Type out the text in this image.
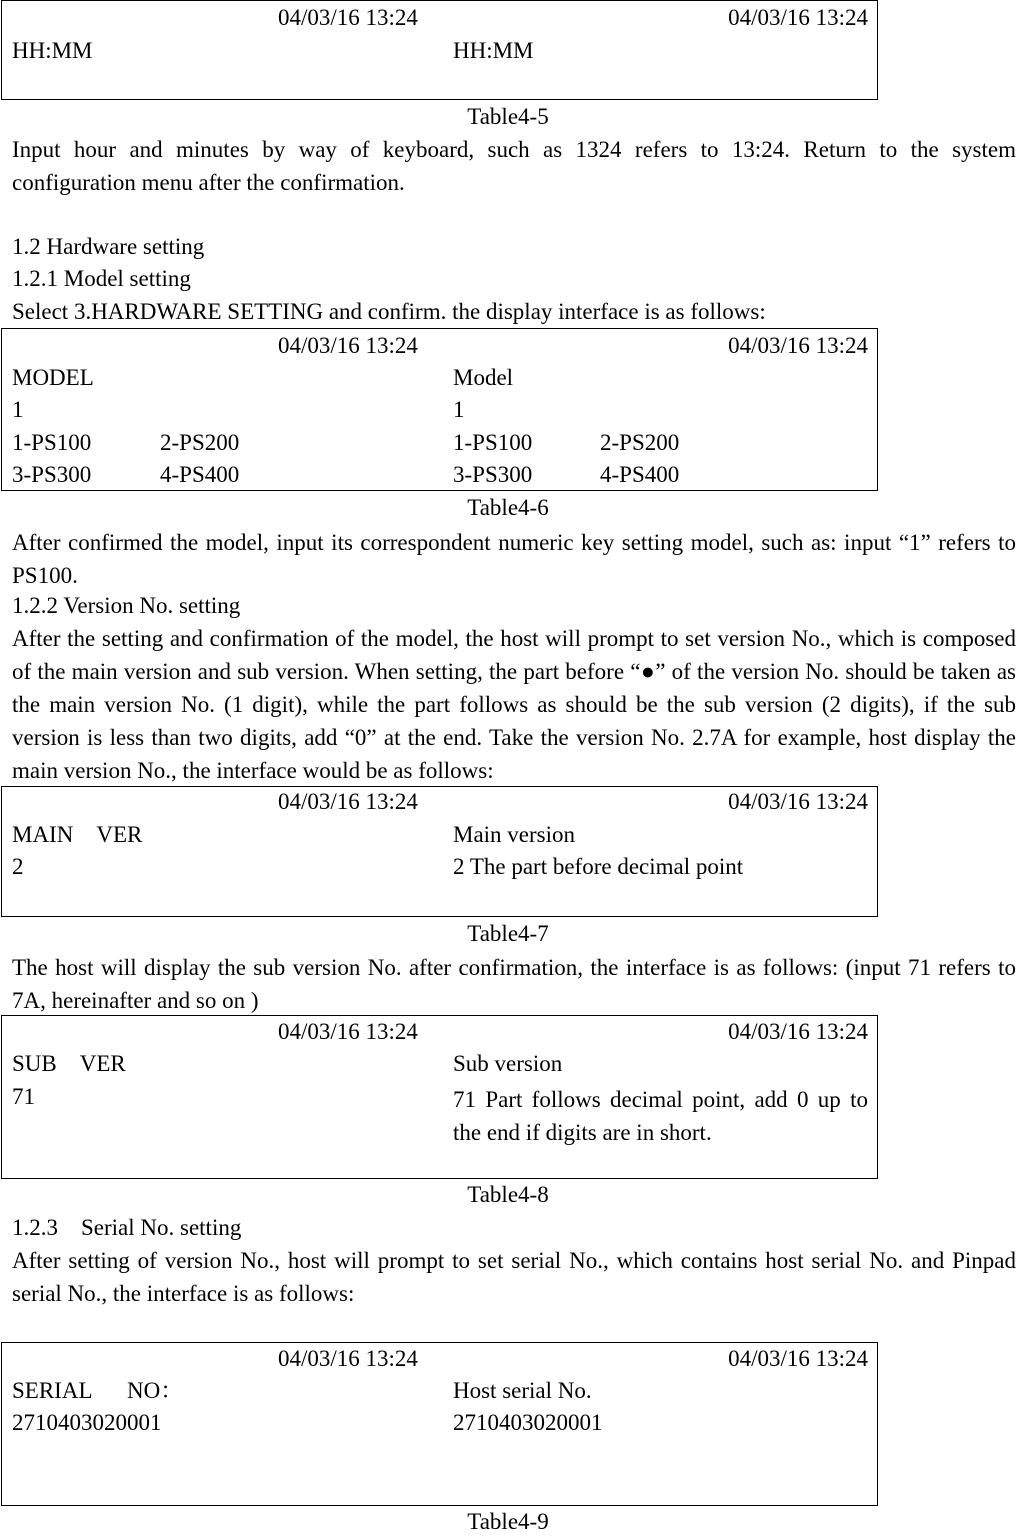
04/03/16 13:24	04/03/16 13:24
HH:MM	HH:MM
Table4-5
Input hour and minutes by way of keyboard, such as 1324 refers to 13:24. Return to the system configuration menu after the confirmation.
1.2 Hardware setting
1.2.1 Model setting
Select 3.HARDWARE SETTING and confirm. the display interface is as follows:
04/03/16 13:24	04/03/16 13:24
MODEL	Model
1	1
1-PS100	2-PS200	1-PS100	2-PS200
3-PS300	4-PS400	3-PS300	4-PS400
Table4-6
After confirmed the model, input its correspondent numeric key setting model, such as: input “1” refers to PS100.
1.2.2 Version No. setting
After the setting and confirmation of the model, the host will prompt to set version No., which is composed of the main version and sub version. When setting, the part before “●” of the version No. should be taken as the main version No. (1 digit), while the part follows as should be the sub version (2 digits), if the sub version is less than two digits, add “0” at the end. Take the version No. 2.7A for example, host display the main version No., the interface would be as follows:
04/03/16 13:24	04/03/16 13:24
MAIN VER	Main version
2	2 The part before decimal point
Table4-7
The host will display the sub version No. after confirmation, the interface is as follows: (input 71 refers to 7A, hereinafter and so on )
04/03/16 13:24	04/03/16 13:24
SUB VER	Sub version
71	71 Part follows decimal point, add 0 up to the end if digits are in short.
Table4-8
1.2.3 Serial No. setting
After setting of version No., host will prompt to set serial No., which contains host serial No. and Pinpad serial No., the interface is as follows:
04/03/16 13:24	04/03/16 13:24
SERIAL  NO：	Host serial No.
2710403020001	2710403020001
Table4-9
